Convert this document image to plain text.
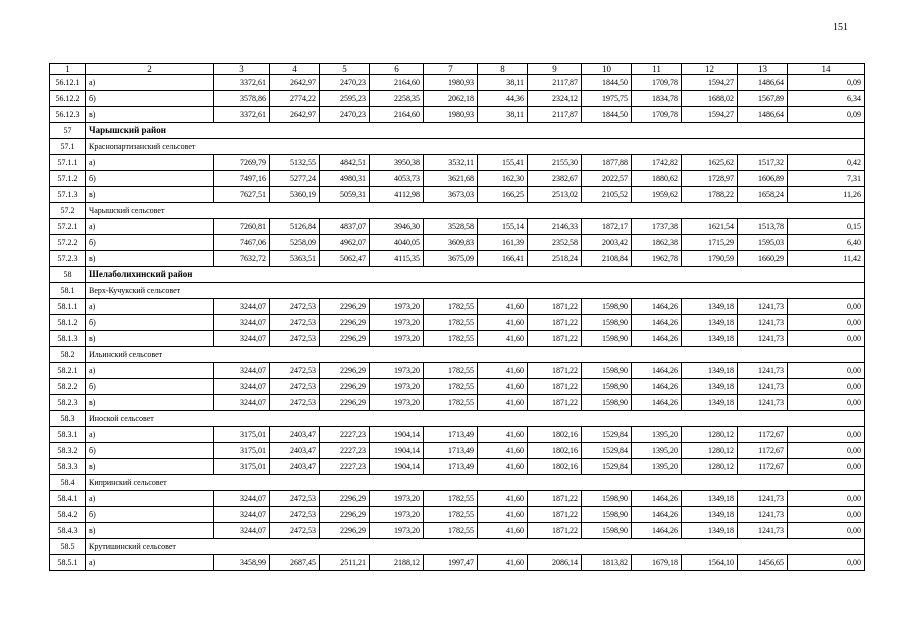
151
1	2	3	4	5	6	7	8	9	10	11	12	13	14
56.12.1	а)	3372,61	2642,97	2470,23	2164,60	1980,93	38,11	2117,87	1844,50	1709,78	1594,27	1486,64	0,09
56.12.2	б)	3578,86	2774,22	2595,23	2258,35	2062,18	44,36	2324,12	1975,75	1834,78	1688,02	1567,89	6,34
56.12.3	в)	3372,61	2642,97	2470,23	2164,60	1980,93	38,11	2117,87	1844,50	1709,78	1594,27	1486,64	0,09
57	Чарышский район												
57.1	Краснопартизанский сельсовет												
57.1.1	а)	7269,79	5132,55	4842,51	3950,38	3532,11	155,41	2155,30	1877,88	1742,82	1625,62	1517,32	0,42
57.1.2	б)	7497,16	5277,24	4980,31	4053,73	3621,68	162,30	2382,67	2022,57	1880,62	1728,97	1606,89	7,31
57.1.3	в)	7627,51	5360,19	5059,31	4112,98	3673,03	166,25	2513,02	2105,52	1959,62	1788,22	1658,24	11,26
57.2	Чарышский сельсовет												
57.2.1	а)	7260,81	5126,84	4837,07	3946,30	3528,58	155,14	2146,33	1872,17	1737,38	1621,54	1513,78	0,15
57.2.2	б)	7467,06	5258,09	4962,07	4040,05	3609,83	161,39	2352,58	2003,42	1862,38	1715,29	1595,03	6,40
57.2.3	в)	7632,72	5363,51	5062,47	4115,35	3675,09	166,41	2518,24	2108,84	1962,78	1790,59	1660,29	11,42
58	Шелаболихинский район												
58.1	Верх-Кучукский сельсовет												
58.1.1	а)	3244,07	2472,53	2296,29	1973,20	1782,55	41,60	1871,22	1598,90	1464,26	1349,18	1241,73	0,00
58.1.2	б)	3244,07	2472,53	2296,29	1973,20	1782,55	41,60	1871,22	1598,90	1464,26	1349,18	1241,73	0,00
58.1.3	в)	3244,07	2472,53	2296,29	1973,20	1782,55	41,60	1871,22	1598,90	1464,26	1349,18	1241,73	0,00
58.2	Ильинский сельсовет												
58.2.1	а)	3244,07	2472,53	2296,29	1973,20	1782,55	41,60	1871,22	1598,90	1464,26	1349,18	1241,73	0,00
58.2.2	б)	3244,07	2472,53	2296,29	1973,20	1782,55	41,60	1871,22	1598,90	1464,26	1349,18	1241,73	0,00
58.2.3	в)	3244,07	2472,53	2296,29	1973,20	1782,55	41,60	1871,22	1598,90	1464,26	1349,18	1241,73	0,00
58.3	Иноской сельсовет												
58.3.1	а)	3175,01	2403,47	2227,23	1904,14	1713,49	41,60	1802,16	1529,84	1395,20	1280,12	1172,67	0,00
58.3.2	б)	3175,01	2403,47	2227,23	1904,14	1713,49	41,60	1802,16	1529,84	1395,20	1280,12	1172,67	0,00
58.3.3	в)	3175,01	2403,47	2227,23	1904,14	1713,49	41,60	1802,16	1529,84	1395,20	1280,12	1172,67	0,00
58.4	Кипринский сельсовет												
58.4.1	а)	3244,07	2472,53	2296,29	1973,20	1782,55	41,60	1871,22	1598,90	1464,26	1349,18	1241,73	0,00
58.4.2	б)	3244,07	2472,53	2296,29	1973,20	1782,55	41,60	1871,22	1598,90	1464,26	1349,18	1241,73	0,00
58.4.3	в)	3244,07	2472,53	2296,29	1973,20	1782,55	41,60	1871,22	1598,90	1464,26	1349,18	1241,73	0,00
58.5	Крутишинский сельсовет												
58.5.1	а)	3458,99	2687,45	2511,21	2188,12	1997,47	41,60	2086,14	1813,82	1679,18	1564,10	1456,65	0,00
